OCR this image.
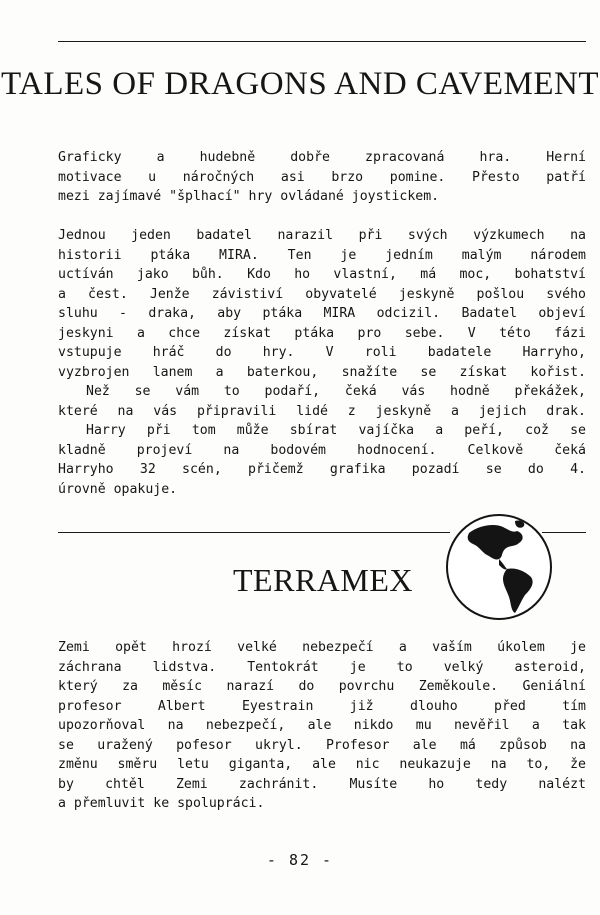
TALES OF DRAGONS AND CAVEMENT
Graficky a hudebně dobře zpracovaná hra. Herní
motivace u náročných asi brzo pomine. Přesto patří
mezi zajímavé "šplhací" hry ovládané joystickem.
Jednou jeden badatel narazil při svých výzkumech na
historii ptáka MIRA. Ten je jedním malým národem
uctíván jako bůh. Kdo ho vlastní, má moc, bohatství
a čest. Jenže závistiví obyvatelé jeskyně pošlou svého
sluhu - draka, aby ptáka MIRA odcizil. Badatel objeví
jeskyni a chce získat ptáka pro sebe. V této fázi
vstupuje hráč do hry. V roli badatele Harryho,
vyzbrojen lanem a baterkou, snažíte se získat kořist.
Než se vám to podaří, čeká vás hodně překážek,
které na vás připravili lidé z jeskyně a jejich drak.
Harry při tom může sbírat vajíčka a peří, což se
kladně projeví na bodovém hodnocení. Celkově čeká
Harryho 32 scén, přičemž grafika pozadí se do 4.
úrovně opakuje.
TERRAMEX
Zemi opět hrozí velké nebezpečí a vaším úkolem je
záchrana lidstva. Tentokrát je to velký asteroid,
který za měsíc narazí do povrchu Zeměkoule. Geniální
profesor Albert Eyestrain již dlouho před tím
upozorňoval na nebezpečí, ale nikdo mu nevěřil a tak
se uražený pofesor ukryl. Profesor ale má způsob na
změnu směru letu giganta, ale nic neukazuje na to, že
by chtěl Zemi zachránit. Musíte ho tedy nalézt
a přemluvit ke spolupráci.
- 82 -
